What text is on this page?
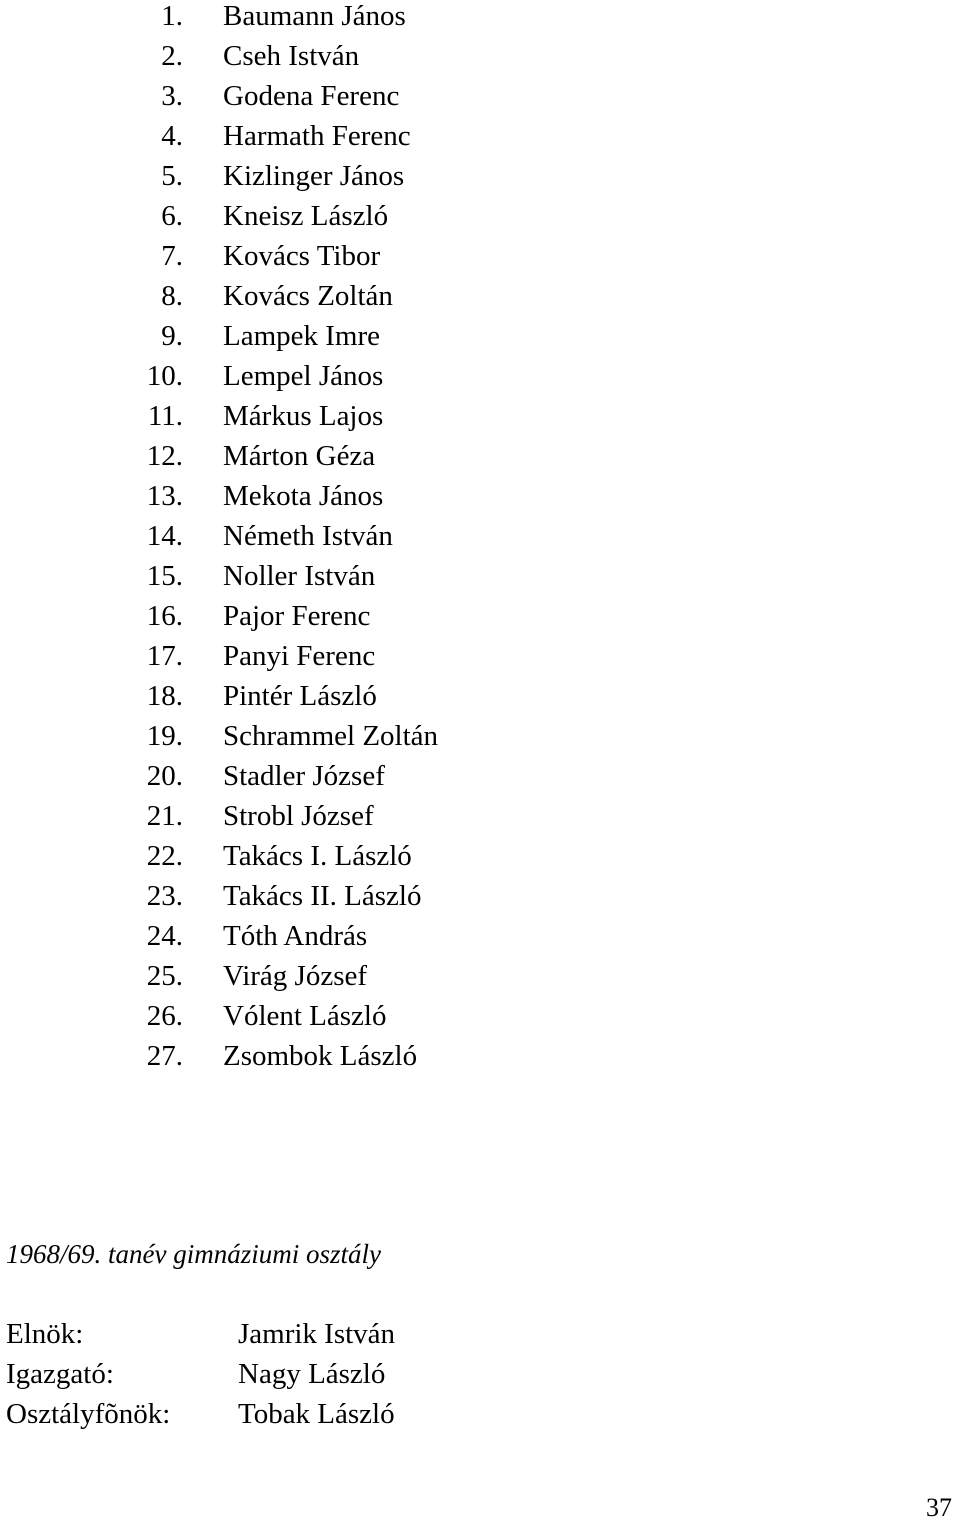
1. Baumann János
2. Cseh István
3. Godena Ferenc
4. Harmath Ferenc
5. Kizlinger János
6. Kneisz László
7. Kovács Tibor
8. Kovács Zoltán
9. Lampek Imre
10. Lempel János
11. Márkus Lajos
12. Márton Géza
13. Mekota János
14. Németh István
15. Noller István
16. Pajor Ferenc
17. Panyi Ferenc
18. Pintér László
19. Schrammel Zoltán
20. Stadler József
21. Strobl József
22. Takács I. László
23. Takács II. László
24. Tóth András
25. Virág József
26. Vólent László
27. Zsombok László
1968/69. tanév gimnáziumi osztály
Elnök:	Jamrik István
Igazgató:	Nagy László
Osztályfõnök: Tobak László
37
